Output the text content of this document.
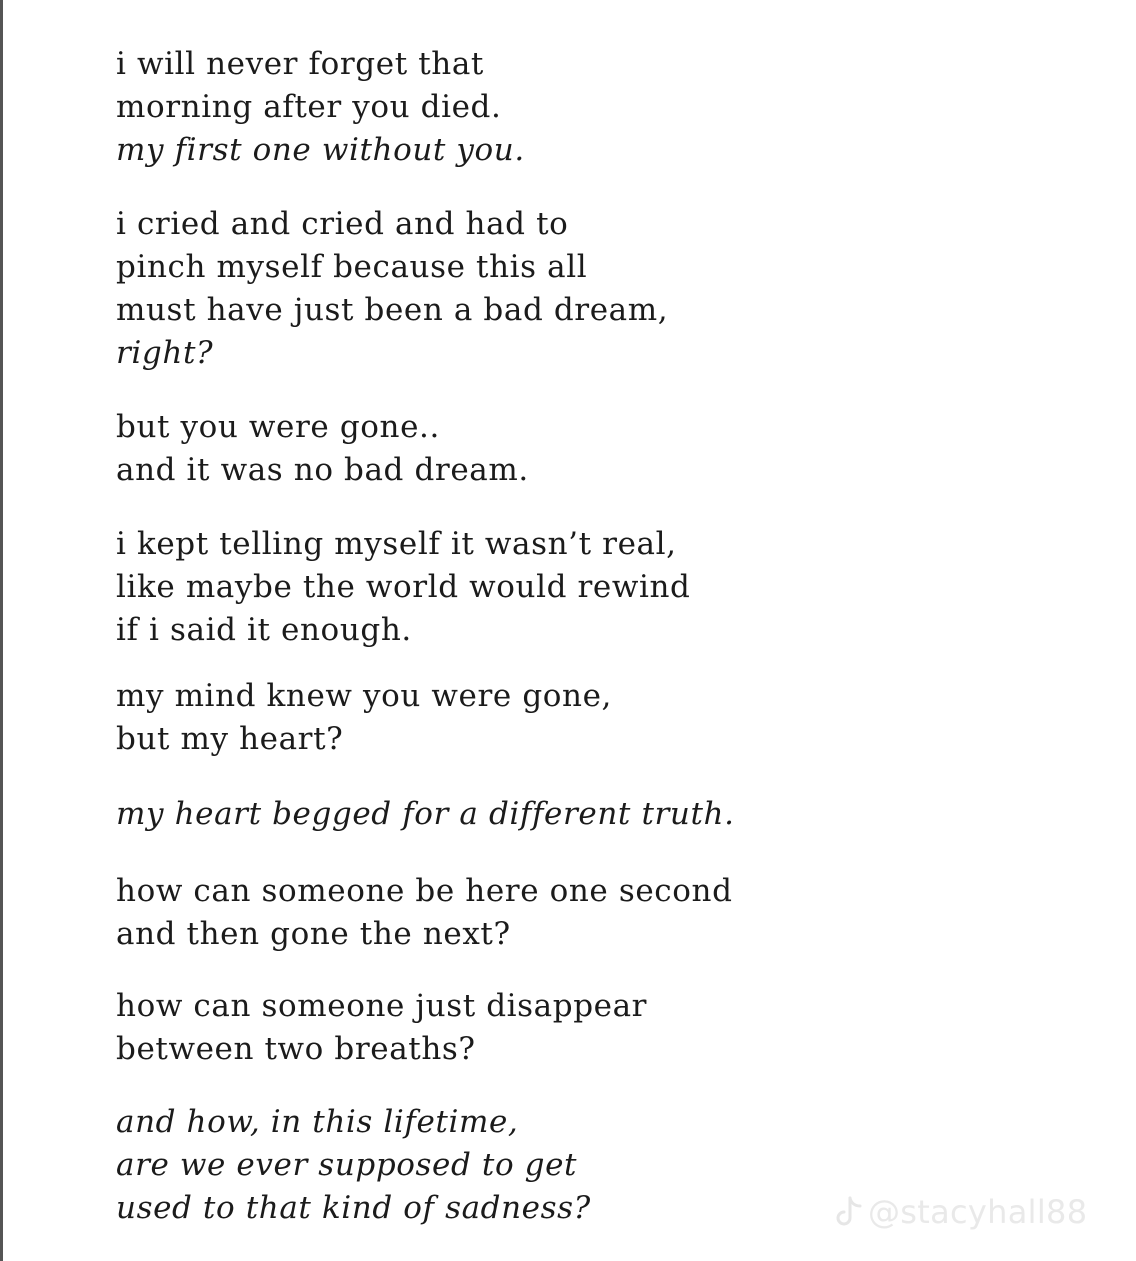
i will never forget that
morning after you died.
my first one without you.
i cried and cried and had to
pinch myself because this all
must have just been a bad dream,
right?
but you were gone..
and it was no bad dream.
i kept telling myself it wasn’t real,
like maybe the world would rewind
if i said it enough.
my mind knew you were gone,
but my heart?
my heart begged for a different truth.
how can someone be here one second
and then gone the next?
how can someone just disappear
between two breaths?
and how, in this lifetime,
are we ever supposed to get
used to that kind of sadness?	@stacyhall88
